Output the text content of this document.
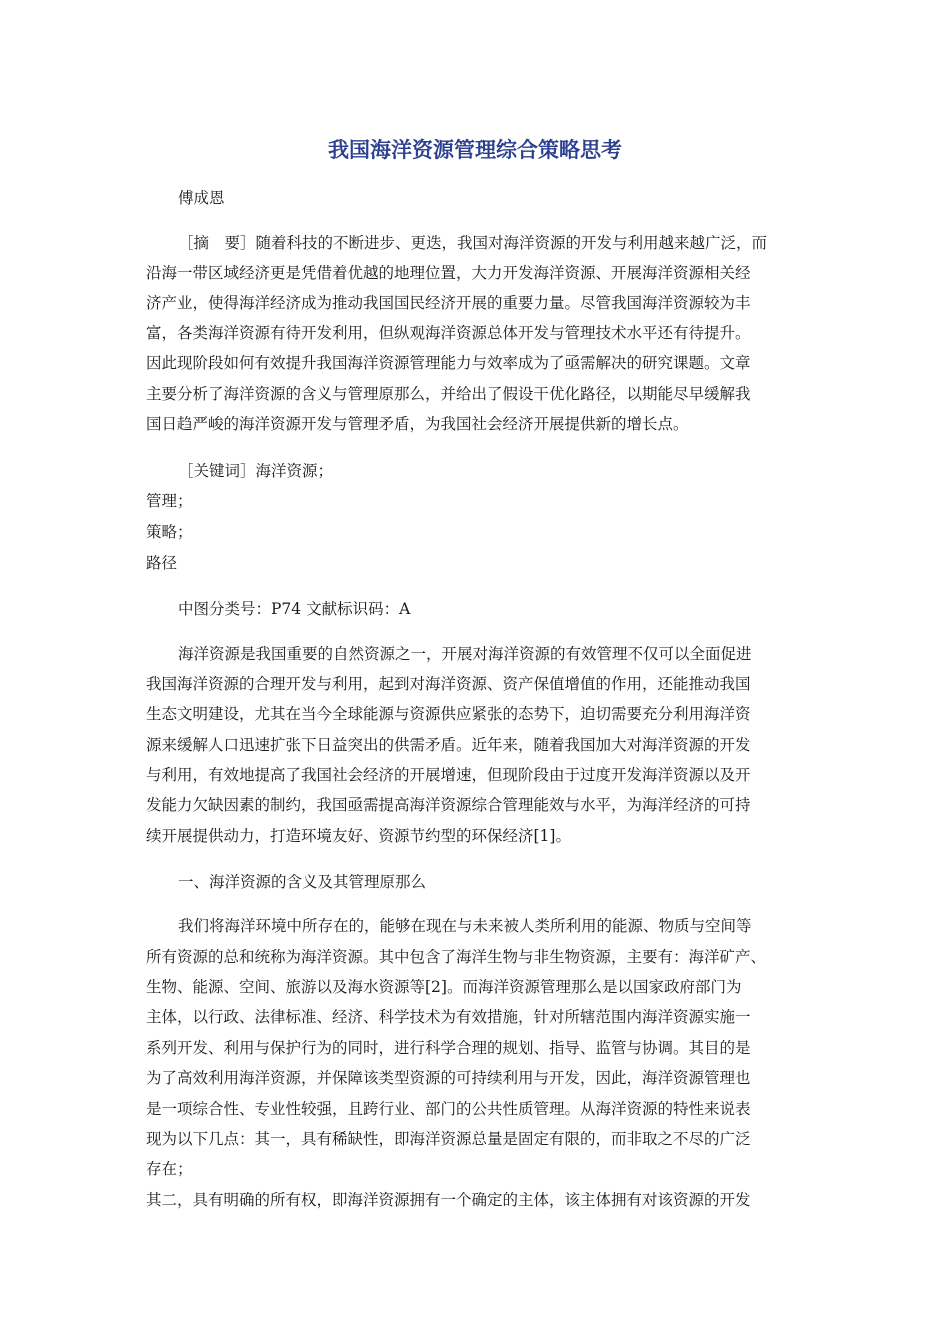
我国海洋资源管理综合策略思考
傅成恩
［摘　要］随着科技的不断进步、更迭，我国对海洋资源的开发与利用越来越广泛，而
沿海一带区域经济更是凭借着优越的地理位置，大力开发海洋资源、开展海洋资源相关经
济产业，使得海洋经济成为推动我国国民经济开展的重要力量。尽管我国海洋资源较为丰
富，各类海洋资源有待开发利用，但纵观海洋资源总体开发与管理技术水平还有待提升。
因此现阶段如何有效提升我国海洋资源管理能力与效率成为了亟需解决的研究课题。文章
主要分析了海洋资源的含义与管理原那么，并给出了假设干优化路径，以期能尽早缓解我
国日趋严峻的海洋资源开发与管理矛盾，为我国社会经济开展提供新的增长点。
［关键词］海洋资源；
管理；
策略；
路径
中图分类号：P74 文献标识码：A
海洋资源是我国重要的自然资源之一，开展对海洋资源的有效管理不仅可以全面促进
我国海洋资源的合理开发与利用，起到对海洋资源、资产保值增值的作用，还能推动我国
生态文明建设，尤其在当今全球能源与资源供应紧张的态势下，迫切需要充分利用海洋资
源来缓解人口迅速扩张下日益突出的供需矛盾。近年来，随着我国加大对海洋资源的开发
与利用，有效地提高了我国社会经济的开展增速，但现阶段由于过度开发海洋资源以及开
发能力欠缺因素的制约，我国亟需提高海洋资源综合管理能效与水平，为海洋经济的可持
续开展提供动力，打造环境友好、资源节约型的环保经济[1]。
一、海洋资源的含义及其管理原那么
我们将海洋环境中所存在的，能够在现在与未来被人类所利用的能源、物质与空间等
所有资源的总和统称为海洋资源。其中包含了海洋生物与非生物资源，主要有：海洋矿产、
生物、能源、空间、旅游以及海水资源等[2]。而海洋资源管理那么是以国家政府部门为
主体，以行政、法律标准、经济、科学技术为有效措施，针对所辖范围内海洋资源实施一
系列开发、利用与保护行为的同时，进行科学合理的规划、指导、监管与协调。其目的是
为了高效利用海洋资源，并保障该类型资源的可持续利用与开发，因此，海洋资源管理也
是一项综合性、专业性较强，且跨行业、部门的公共性质管理。从海洋资源的特性来说表
现为以下几点：其一，具有稀缺性，即海洋资源总量是固定有限的，而非取之不尽的广泛
存在；
其二，具有明确的所有权，即海洋资源拥有一个确定的主体，该主体拥有对该资源的开发
